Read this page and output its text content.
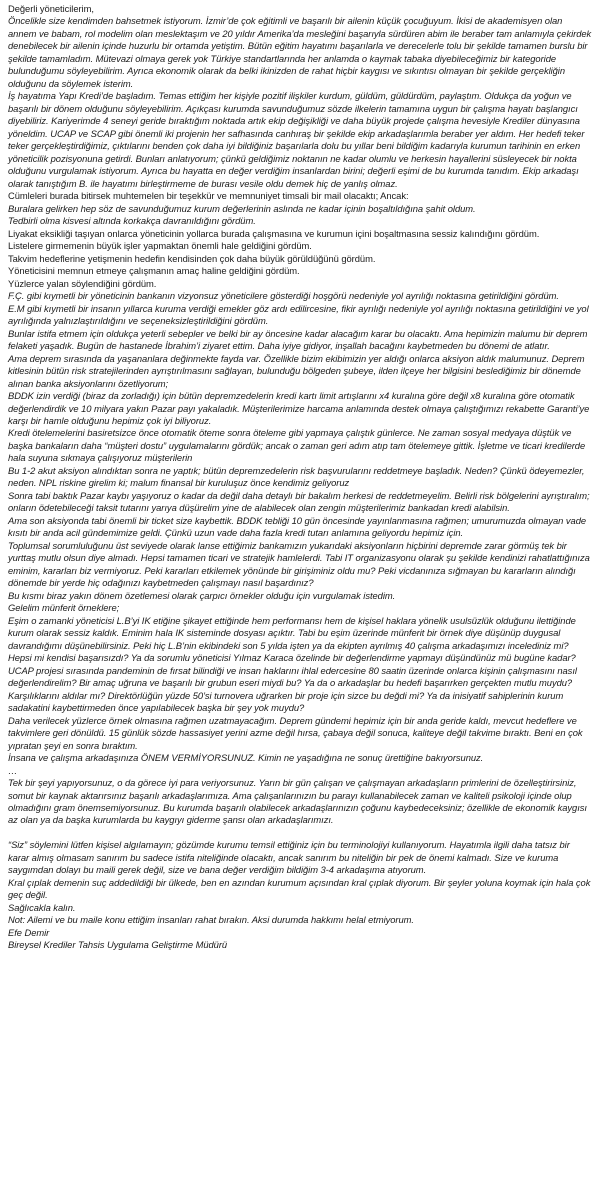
Değerli yöneticilerim,

Öncelikle size kendimden bahsetmek istiyorum. İzmir’de çok eğitimli ve başarılı bir ailenin küçük çocuğuyum. İkisi de akademisyen olan annem ve babam, rol modelim olan meslektaşım ve 20 yıldır Amerika’da mesleğini başarıyla sürdüren abim ile beraber tam anlamıyla çekirdek denebilecek bir ailenin içinde huzurlu bir ortamda yetiştim. Bütün eğitim hayatımı başarılarla ve derecelerle tolu bir şekilde tamamen burslu bir şekilde tamamladım. Mütevazi olmaya gerek yok Türkiye standartlarında her anlamda o kaymak tabaka diyebileceğimiz bir kategoride bulunduğumu söyleyebilirim. Ayrıca ekonomik olarak da belki ikinizden de rahat hiçbir kaygısı ve sıkıntısı olmayan bir şekilde gerçekliğin olduğunu da söylemek isterim.

İş hayatıma Yapı Kredi’de başladım. Temas ettiğim her kişiyle pozitif ilişkiler kurdum, güldüm, güldürdüm, paylaştım. Oldukça da yoğun ve başarılı bir dönem olduğunu söyleyebilirim. Açıkçası kurumda savunduğumuz sözde ilkelerin tamamına uygun bir çalışma hayatı başlangıcı diyebiliriz. Kariyerimde 4 seneyi geride bıraktığım noktada artık ekip değişikliği ve daha büyük projede çalışma hevesiyle Krediler dünyasına yöneldim. UCAP ve SCAP gibi önemli iki projenin her safhasında canhıraş bir şekilde ekip arkadaşlarımla beraber yer aldım. Her hedefi teker teker gerçekleştirdiğimiz, çıktılarını benden çok daha iyi bildiğiniz başarılarla dolu bu yıllar beni bildiğim kadarıyla kurumun tarihinin en erken yöneticilik pozisyonuna getirdi. Bunları anlatıyorum; çünkü geldiğimiz noktanın ne kadar olumlu ve herkesin hayallerini süsleyecek bir nokta olduğunu vurgulamak istiyorum. Ayrıca bu hayatta en değer verdiğim insanlardan birini; değerli eşimi de bu kurumda tanıdım. Ekip arkadaşı olarak tanıştığım B. ile hayatımı birleştirmeme de burası vesile oldu demek hiç de yanlış olmaz.

Cümleleri burada bitirsek muhtemelen bir teşekkür ve memnuniyet timsali bir mail olacaktı; Ancak:

Buralara gelirken hep söz de savunduğumuz kurum değerlerinin aslında ne kadar içinin boşaltıldığına şahit oldum.

Tedbirli olma kisvesi altında korkakça davranıldığını gördüm.

Liyakat eksikliği taşıyan onlarca yöneticinin yollarca burada çalışmasına ve kurumun içini boşaltmasına sessiz kalındığını gördüm.

Listelere girmemenin büyük işler yapmaktan önemli hale geldiğini gördüm.

Takvim hedeflerine yetişmenin hedefin kendisinden çok daha büyük görüldüğünü gördüm.

Yöneticisini memnun etmeye çalışmanın amaç haline geldiğini gördüm.

Yüzlerce yalan söylendiğini gördüm.

F.Ç. gibi kıymetli bir yöneticinin bankanın vizyonsuz yöneticilere gösterdiği hoşgörü nedeniyle yol ayrılığı noktasına getirildiğini gördüm.

E.M gibi kıymetli bir insanın yıllarca kuruma verdiği emekler göz ardı edilircesine, fikir ayrılığı nedeniyle yol ayrılığı noktasına getirildiğini ve yol ayrılığında yalnızlaştırıldığını ve seçeneksizleştirildiğini gördüm.

Bunlar istifa etmem için oldukça yeterli sebepler ve belki bir ay öncesine kadar alacağım karar bu olacaktı. Ama hepimizin malumu bir deprem felaketi yaşadık. Bugün de hastanede İbrahim’i ziyaret ettim. Daha iyiye gidiyor, inşallah bacağını kaybetmeden bu dönemi de atlatır.

Ama deprem sırasında da yaşananlara değinmekte fayda var. Özellikle bizim ekibimizin yer aldığı onlarca aksiyon aldık malumunuz. Deprem kitlesinin bütün risk stratejilerinden ayrıştırılmasını sağlayan, bulunduğu bölgeden şubeye, ilden ilçeye her bilgisini beslediğimiz bir dönemde alınan banka aksiyonlarını özetliyorum;

BDDK izin verdiği (biraz da zorladığı) için bütün depremzedelerin kredi kartı limit artışlarını x4 kuralına göre değil x8 kuralına göre otomatik değerlendirdik ve 10 milyara yakın Pazar payı yakaladık. Müşterilerimize harcama anlamında destek olmaya çalıştığımızı rekabette Garanti’ye karşı bir hamle olduğunu hepimiz çok iyi biliyoruz.

Kredi ötelemelerini basiretsizce önce otomatik öteme sonra öteleme gibi yapmaya çalıştık günlerce. Ne zaman sosyal medyaya düştük ve başka bankaların daha “müşteri dostu” uygulamalarını gördük; ancak o zaman geri adım atıp tam ötelemeye gittik. İşletme ve ticari kredilerde hala suyuna sıkmaya çalışıyoruz müşterilerin

Bu 1-2 akut aksiyon alındıktan sonra ne yaptık; bütün depremzedelerin risk başvurularını reddetmeye başladık. Neden? Çünkü ödeyemezler, neden. NPL riskine girelim ki; malum finansal bir kuruluşuz önce kendimiz geliyoruz

Sonra tabi baktık Pazar kaybı yaşıyoruz o kadar da değil daha detaylı bir bakalım herkesi de reddetmeyelim. Belirli risk bölgelerini ayrıştıralım; onların ödetebileceği taksit tutarını yarıya düşürelim yine de alabilecek olan zengin müşterilerimiz bankadan kredi alabilsin.

Ama son aksiyonda tabi önemli bir ticket size kaybettik. BDDK tebliği 10 gün öncesinde yayınlanmasına rağmen; umurumuzda olmayan vade kısıtı bir anda acil gündemimize geldi. Çünkü uzun vade daha fazla kredi tutarı anlamına geliyordu hepimiz için.

Toplumsal sorumluluğunu üst seviyede olarak lanse ettiğimiz bankamızın yukarıdaki aksiyonların hiçbirini depremde zarar görmüş tek bir yurttaş mutlu olsun diye almadı. Hepsi tamamen ticari ve stratejik hamlelerdi. Tabi IT organizasyonu olarak şu şekilde kendinizi rahatlattığınıza eminim, kararları biz vermiyoruz. Peki kararları etkilemek yönünde bir girişiminiz oldu mu? Peki vicdanınıza sığmayan bu kararların alındığı dönemde bir yerde hiç odağınızı kaybetmeden çalışmayı nasıl başardınız?

Bu kısmı biraz yakın dönem özetlemesi olarak çarpıcı örnekler olduğu için vurgulamak istedim.

Gelelim münferit örneklere;

Eşim o zamanki yöneticisi L.B’yi IK etiğine şikayet ettiğinde hem performansı hem de kişisel haklara yönelik usulsüzlük olduğunu ilettiğinde kurum olarak sessiz kaldık. Eminim hala IK sisteminde dosyası açıktır. Tabi bu eşim üzerinde münferit bir örnek diye düşünüp duygusal davrandığımı düşünebilirsiniz. Peki hiç L.B’nin ekibindeki son 5 yılda işten ya da ekipten ayrılmış 40 çalışma arkadaşımızı incelediniz mi? Hepsi mi kendisi başarısızdı? Ya da sorumlu yöneticisi Yılmaz Karaca özelinde bir değerlendirme yapmayı düşündünüz mü bugüne kadar?

UCAP projesi sırasında pandeminin de fırsat bilindiği ve insan haklarını ihlal edercesine 80 saatin üzerinde onlarca kişinin çalışmasını nasıl değerlendirelim? Bir amaç uğruna ve başarılı bir grubun eseri miydi bu? Ya da o arkadaşlar bu hedefi başarırken gerçekten mutlu muydu? Karşılıklarını aldılar mı? Direktörlüğün yüzde 50’si turnovera uğrarken bir proje için sizce bu değdi mi? Ya da inisiyatif sahiplerinin kurum sadakatini kaybettirmeden önce yapılabilecek başka bir şey yok muydu?

Daha verilecek yüzlerce örnek olmasına rağmen uzatmayacağım. Deprem gündemi hepimiz için bir anda geride kaldı, mevcut hedeflere ve takvimlere geri dönüldü. 15 günlük sözde hassasiyet yerini azme değil hırsa, çabaya değil sonuca, kaliteye değil takvime bıraktı. Beni en çok yıpratan şeyi en sonra bıraktım.

İnsana ve çalışma arkadaşınıza ÖNEM VERMİYORSUNUZ. Kimin ne yaşadığına ne sonuç ürettiğine bakıyorsunuz.

…

Tek bir şeyi yapıyorsunuz, o da görece iyi para veriyorsunuz. Yarın bir gün çalışan ve çalışmayan arkadaşların primlerini de özelleştirirsiniz, somut bir kaynak aktarırsınız başarılı arkadaşlarımıza. Ama çalışanlarınızın bu parayı kullanabilecek zaman ve kaliteli psikoloji içinde olup olmadığını gram önemsemiyorsunuz. Bu kurumda başarılı olabilecek arkadaşlarınızın çoğunu kaybedeceksiniz; özellikle de ekonomik kaygısı az olan ya da başka kurumlarda bu kaygıyı giderme şansı olan arkadaşlarımızı.

“Siz” söylemini lütfen kişisel algılamayın; gözümde kurumu temsil ettiğiniz için bu terminolojiyi kullanıyorum. Hayatımla ilgili daha tatsız bir karar almış olmasam sanırım bu sadece istifa niteliğinde olacaktı, ancak sanırım bu niteliğin bir pek de önemi kalmadı. Size ve kuruma saygımdan dolayı bu maili gerek değil, size ve bana değer verdiğim bildiğim 3-4 arkadaşıma atıyorum.

Kral çıplak demenin suç addedildiği bir ülkede, ben en azından kurumum açısından kral çıplak diyorum. Bir şeyler yoluna koymak için hala çok geç değil.

Sağlıcakla kalın.

Not: Ailemi ve bu maile konu ettiğim insanları rahat bırakın. Aksi durumda hakkımı helal etmiyorum.

Efe Demir

Bireysel Krediler Tahsis Uygulama Geliştirme Müdürü
